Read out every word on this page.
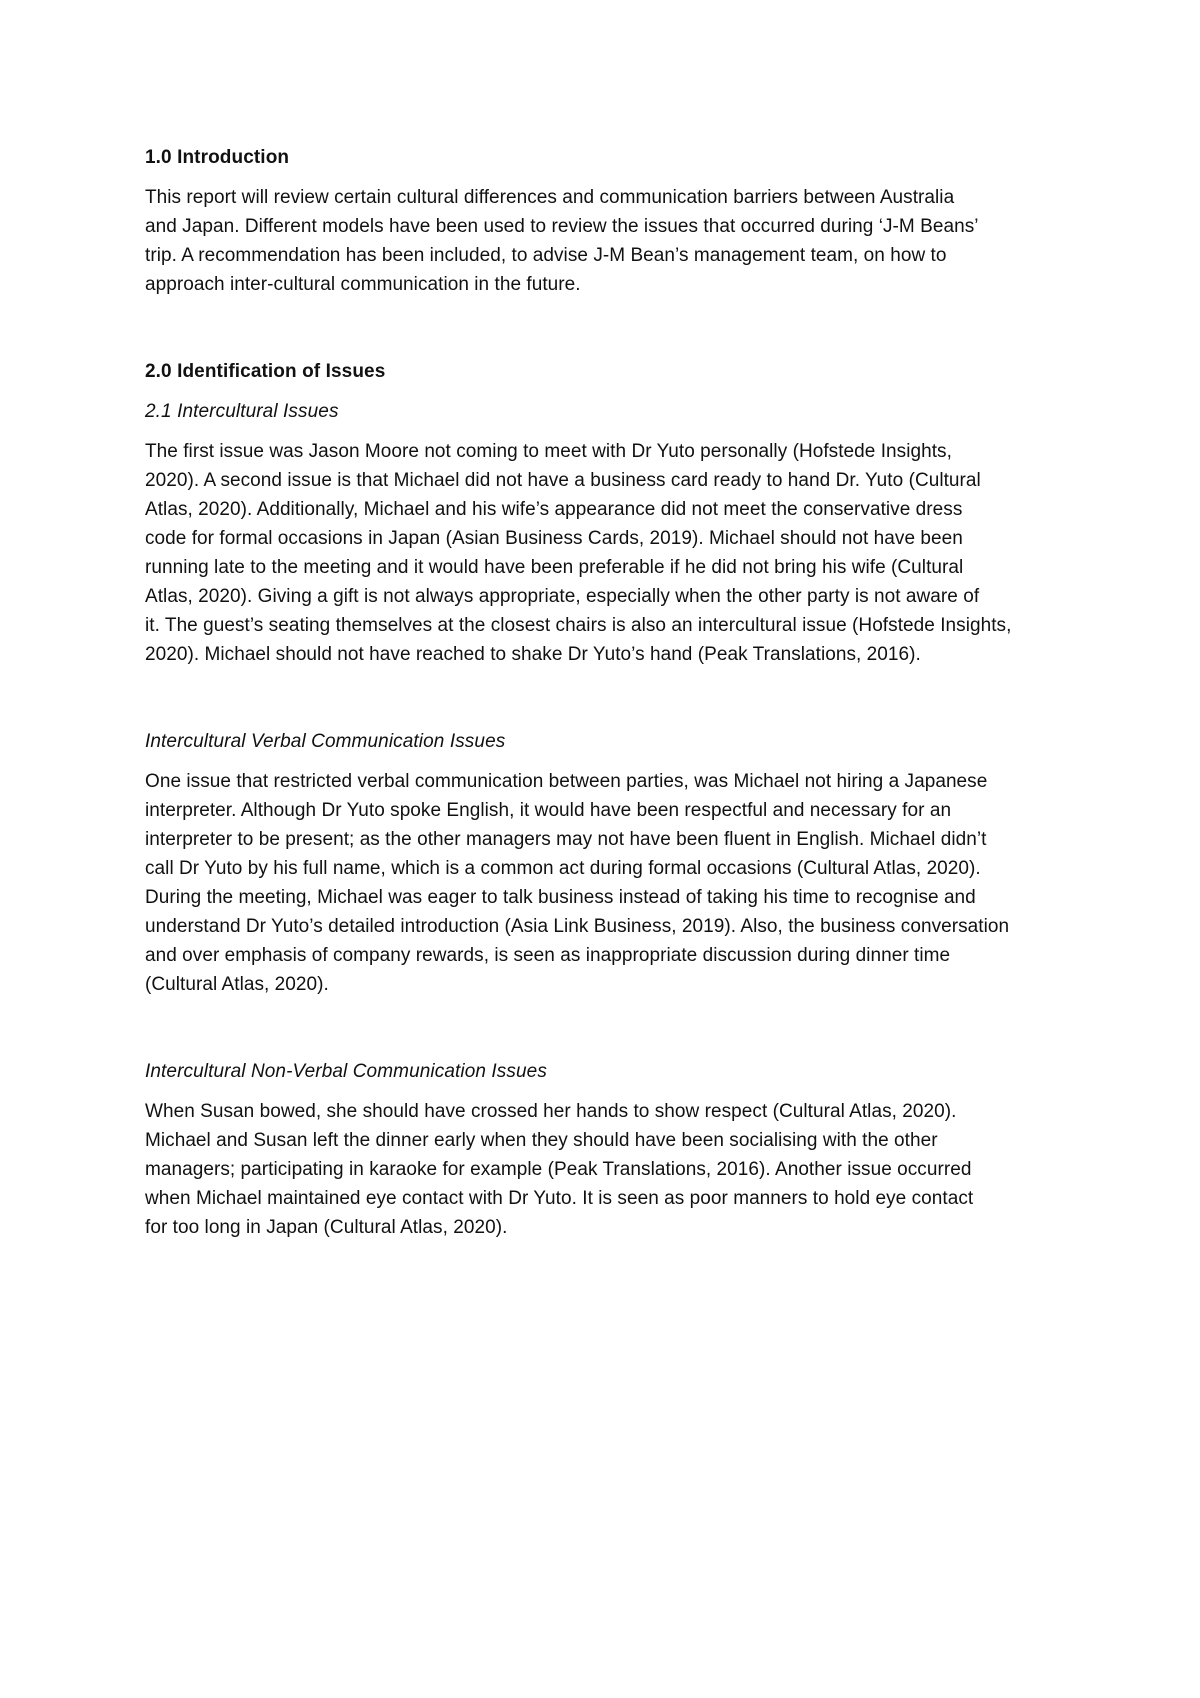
1.0 Introduction

This report will review certain cultural differences and communication barriers between Australia
and Japan. Different models have been used to review the issues that occurred during ‘J-M Beans’
trip. A recommendation has been included, to advise J-M Bean’s management team, on how to
approach inter-cultural communication in the future.

2.0 Identification of Issues
2.1 Intercultural Issues

The first issue was Jason Moore not coming to meet with Dr Yuto personally (Hofstede Insights,
2020). A second issue is that Michael did not have a business card ready to hand Dr. Yuto (Cultural
Atlas, 2020). Additionally, Michael and his wife’s appearance did not meet the conservative dress
code for formal occasions in Japan (Asian Business Cards, 2019). Michael should not have been
running late to the meeting and it would have been preferable if he did not bring his wife (Cultural
Atlas, 2020). Giving a gift is not always appropriate, especially when the other party is not aware of
it. The guest’s seating themselves at the closest chairs is also an intercultural issue (Hofstede Insights,
2020). Michael should not have reached to shake Dr Yuto’s hand (Peak Translations, 2016).

Intercultural Verbal Communication Issues

One issue that restricted verbal communication between parties, was Michael not hiring a Japanese
interpreter. Although Dr Yuto spoke English, it would have been respectful and necessary for an
interpreter to be present; as the other managers may not have been fluent in English. Michael didn’t
call Dr Yuto by his full name, which is a common act during formal occasions (Cultural Atlas, 2020).
During the meeting, Michael was eager to talk business instead of taking his time to recognise and
understand Dr Yuto’s detailed introduction (Asia Link Business, 2019). Also, the business conversation
and over emphasis of company rewards, is seen as inappropriate discussion during dinner time
(Cultural Atlas, 2020).

Intercultural Non-Verbal Communication Issues

When Susan bowed, she should have crossed her hands to show respect (Cultural Atlas, 2020).
Michael and Susan left the dinner early when they should have been socialising with the other
managers; participating in karaoke for example (Peak Translations, 2016). Another issue occurred
when Michael maintained eye contact with Dr Yuto. It is seen as poor manners to hold eye contact
for too long in Japan (Cultural Atlas, 2020).
